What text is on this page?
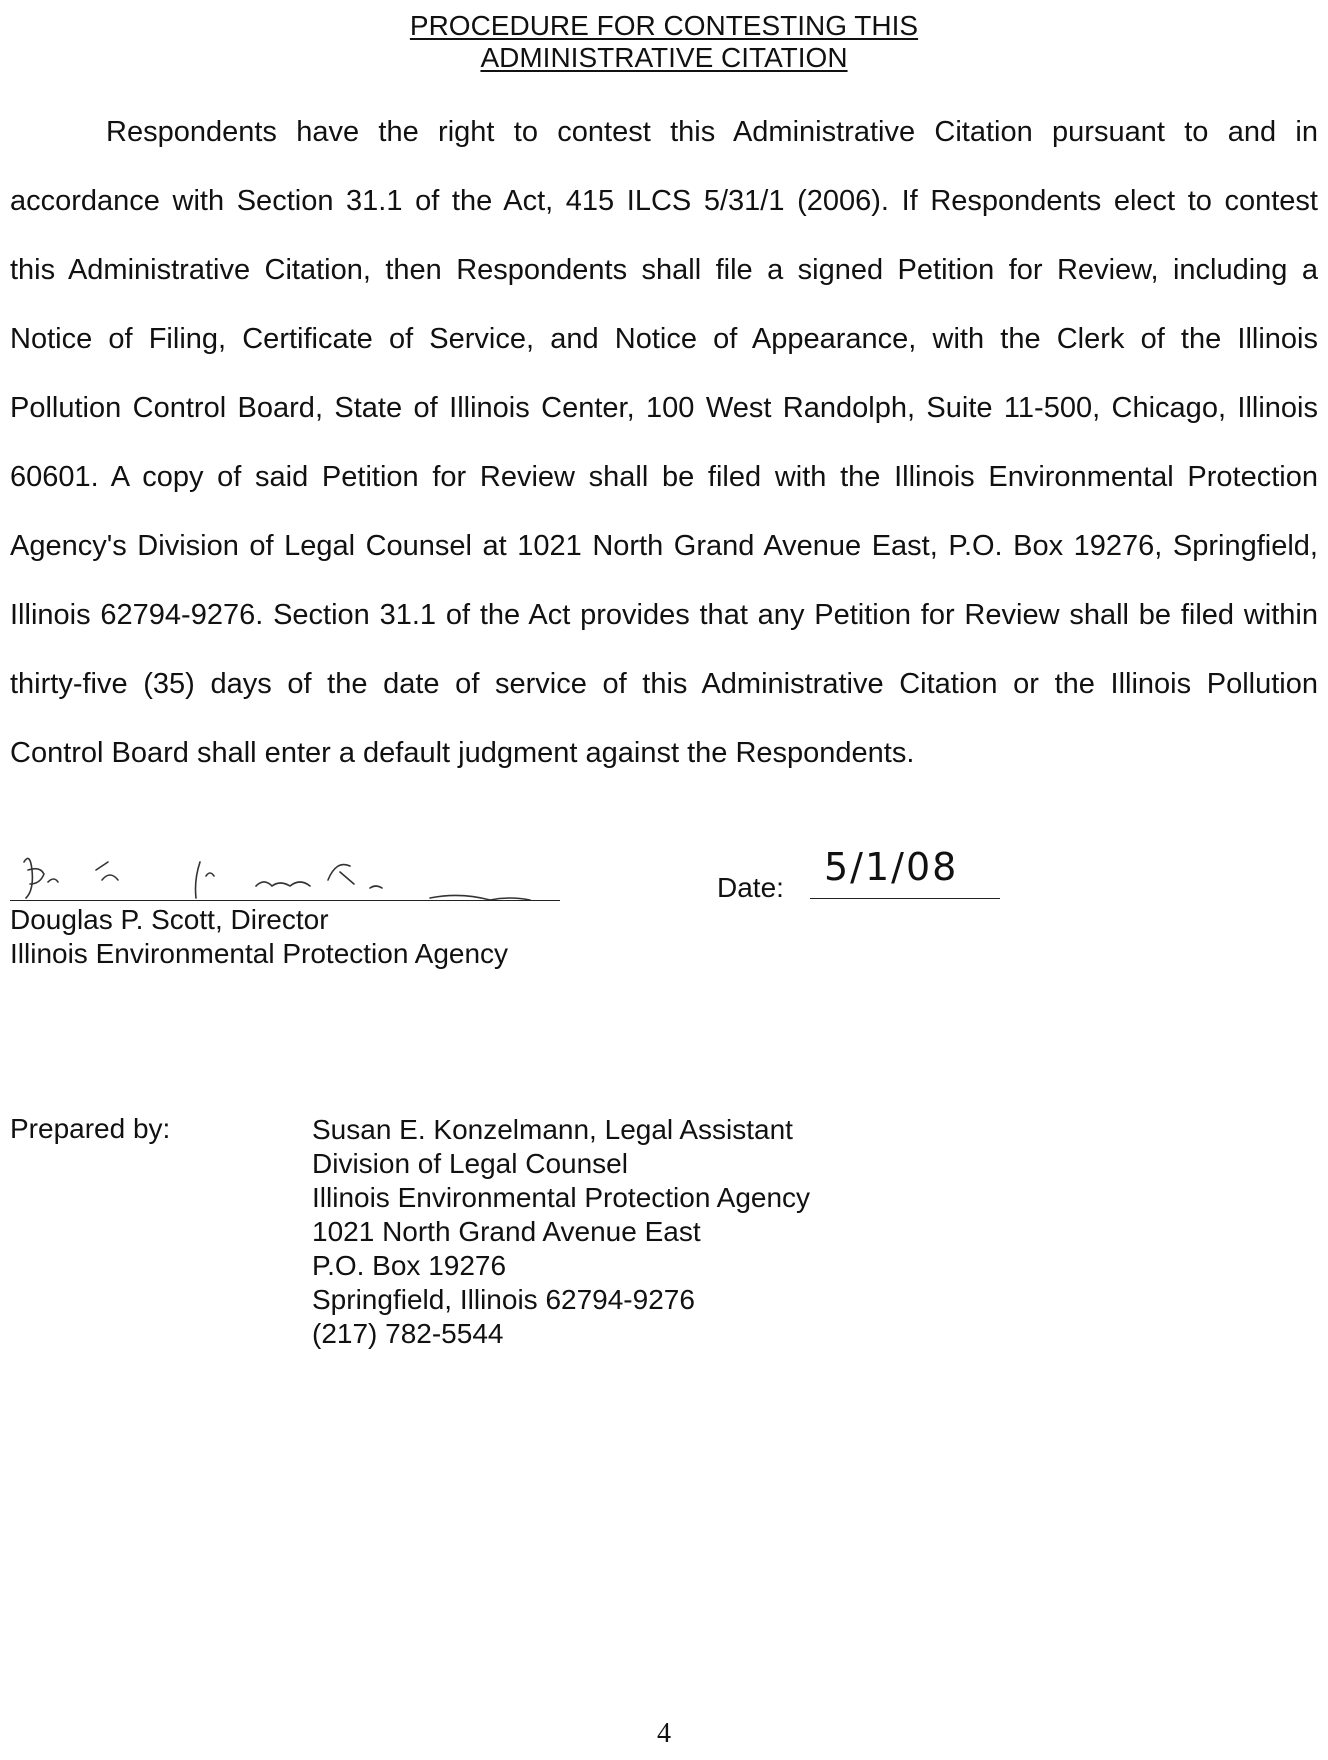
PROCEDURE FOR CONTESTING THIS
ADMINISTRATIVE CITATION
Respondents have the right to contest this Administrative Citation pursuant to and in
accordance with Section 31.1 of the Act, 415 ILCS 5/31/1 (2006). If Respondents elect to contest
this Administrative Citation, then Respondents shall file a signed Petition for Review, including a
Notice of Filing, Certificate of Service, and Notice of Appearance, with the Clerk of the Illinois
Pollution Control Board, State of Illinois Center, 100 West Randolph, Suite 11-500, Chicago, Illinois
60601. A copy of said Petition for Review shall be filed with the Illinois Environmental Protection
Agency's Division of Legal Counsel at 1021 North Grand Avenue East, P.O. Box 19276, Springfield,
Illinois 62794-9276. Section 31.1 of the Act provides that any Petition for Review shall be filed within
thirty-five (35) days of the date of service of this Administrative Citation or the Illinois Pollution
Control Board shall enter a default judgment against the Respondents.
Douglas P. Scott, Director
Illinois Environmental Protection Agency
Date: 5/1/08
Prepared by:	Susan E. Konzelmann, Legal Assistant
Division of Legal Counsel
Illinois Environmental Protection Agency
1021 North Grand Avenue East
P.O. Box 19276
Springfield, Illinois 62794-9276
(217) 782-5544
4
